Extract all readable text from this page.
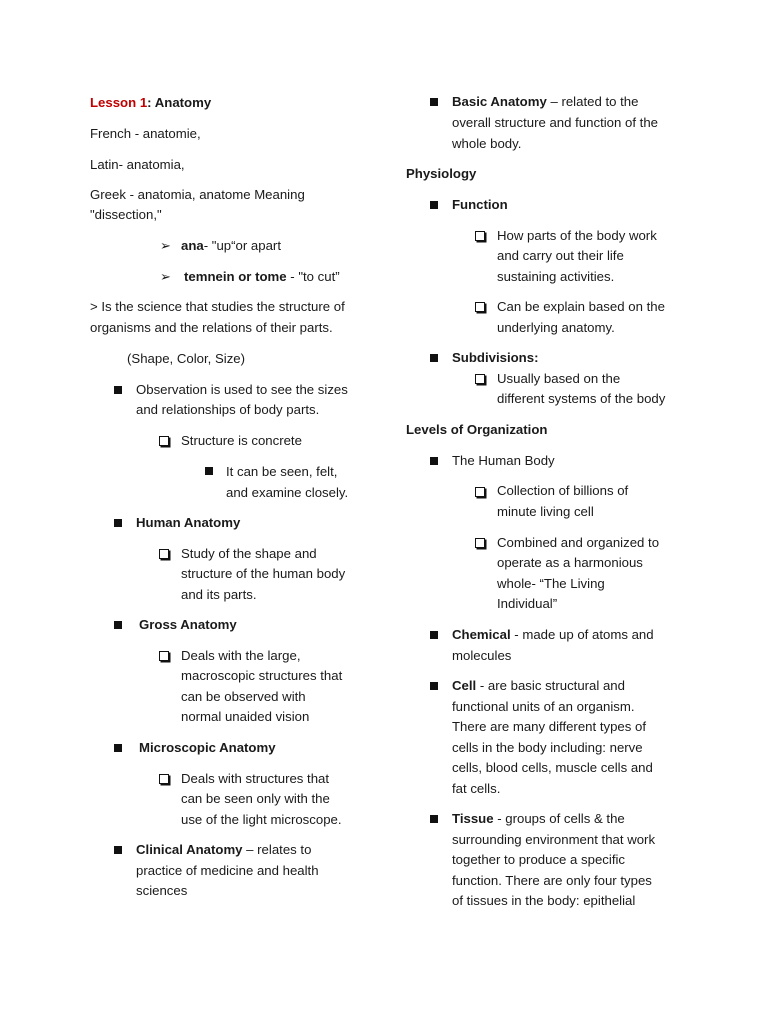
Lesson 1: Anatomy
French - anatomie,
Latin- anatomia,
Greek - anatomia, anatome Meaning
"dissection,"
➢ ana- "up“or apart
➢ temnein or tome - "to cut”
> Is the science that studies the structure of
organisms and the relations of their parts.
(Shape, Color, Size)
Observation is used to see the sizes
and relationships of body parts.
Structure is concrete
It can be seen, felt,
and examine closely.
Human Anatomy
Study of the shape and
structure of the human body
and its parts.
Gross Anatomy
Deals with the large,
macroscopic structures that
can be observed with
normal unaided vision
Microscopic Anatomy
Deals with structures that
can be seen only with the
use of the light microscope.
Clinical Anatomy – relates to
practice of medicine and health
sciences
Basic Anatomy – related to the
overall structure and function of the
whole body.
Physiology
Function
How parts of the body work
and carry out their life
sustaining activities.
Can be explain based on the
underlying anatomy.
Subdivisions:
Usually based on the
different systems of the body
Levels of Organization
The Human Body
Collection of billions of
minute living cell
Combined and organized to
operate as a harmonious
whole- “The Living
Individual”
Chemical - made up of atoms and
molecules
Cell - are basic structural and
functional units of an organism.
There are many different types of
cells in the body including: nerve
cells, blood cells, muscle cells and
fat cells.
Tissue - groups of cells & the
surrounding environment that work
together to produce a specific
function. There are only four types
of tissues in the body: epithelial
